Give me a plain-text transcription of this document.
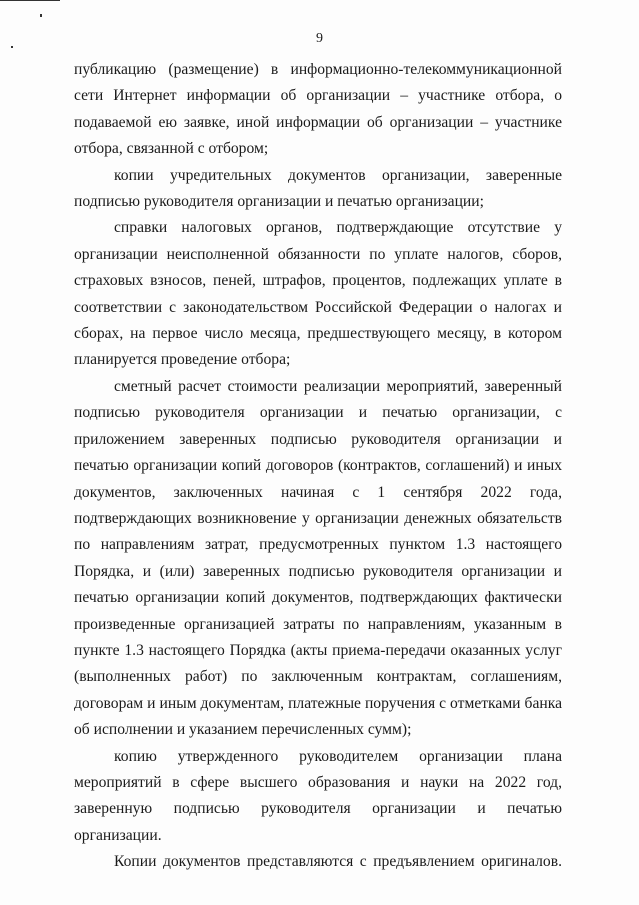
9

публикацию (размещение) в информационно-телекоммуникационной сети Интернет информации об организации – участнике отбора, о подаваемой ею заявке, иной информации об организации – участнике отбора, связанной с отбором;

копии учредительных документов организации, заверенные подписью руководителя организации и печатью организации;

справки налоговых органов, подтверждающие отсутствие у организации неисполненной обязанности по уплате налогов, сборов, страховых взносов, пеней, штрафов, процентов, подлежащих уплате в соответствии с законодательством Российской Федерации о налогах и сборах, на первое число месяца, предшествующего месяцу, в котором планируется проведение отбора;

сметный расчет стоимости реализации мероприятий, заверенный подписью руководителя организации и печатью организации, с приложением заверенных подписью руководителя организации и печатью организации копий договоров (контрактов, соглашений) и иных документов, заключенных начиная с 1 сентября 2022 года, подтверждающих возникновение у организации денежных обязательств по направлениям затрат, предусмотренных пунктом 1.3 настоящего Порядка, и (или) заверенных подписью руководителя организации и печатью организации копий документов, подтверждающих фактически произведенные организацией затраты по направлениям, указанным в пункте 1.3 настоящего Порядка (акты приема-передачи оказанных услуг (выполненных работ) по заключенным контрактам, соглашениям, договорам и иным документам, платежные поручения с отметками банка об исполнении и указанием перечисленных сумм);

копию утвержденного руководителем организации плана мероприятий в сфере высшего образования и науки на 2022 год, заверенную подписью руководителя организации и печатью организации.

Копии документов представляются с предъявлением оригиналов.
